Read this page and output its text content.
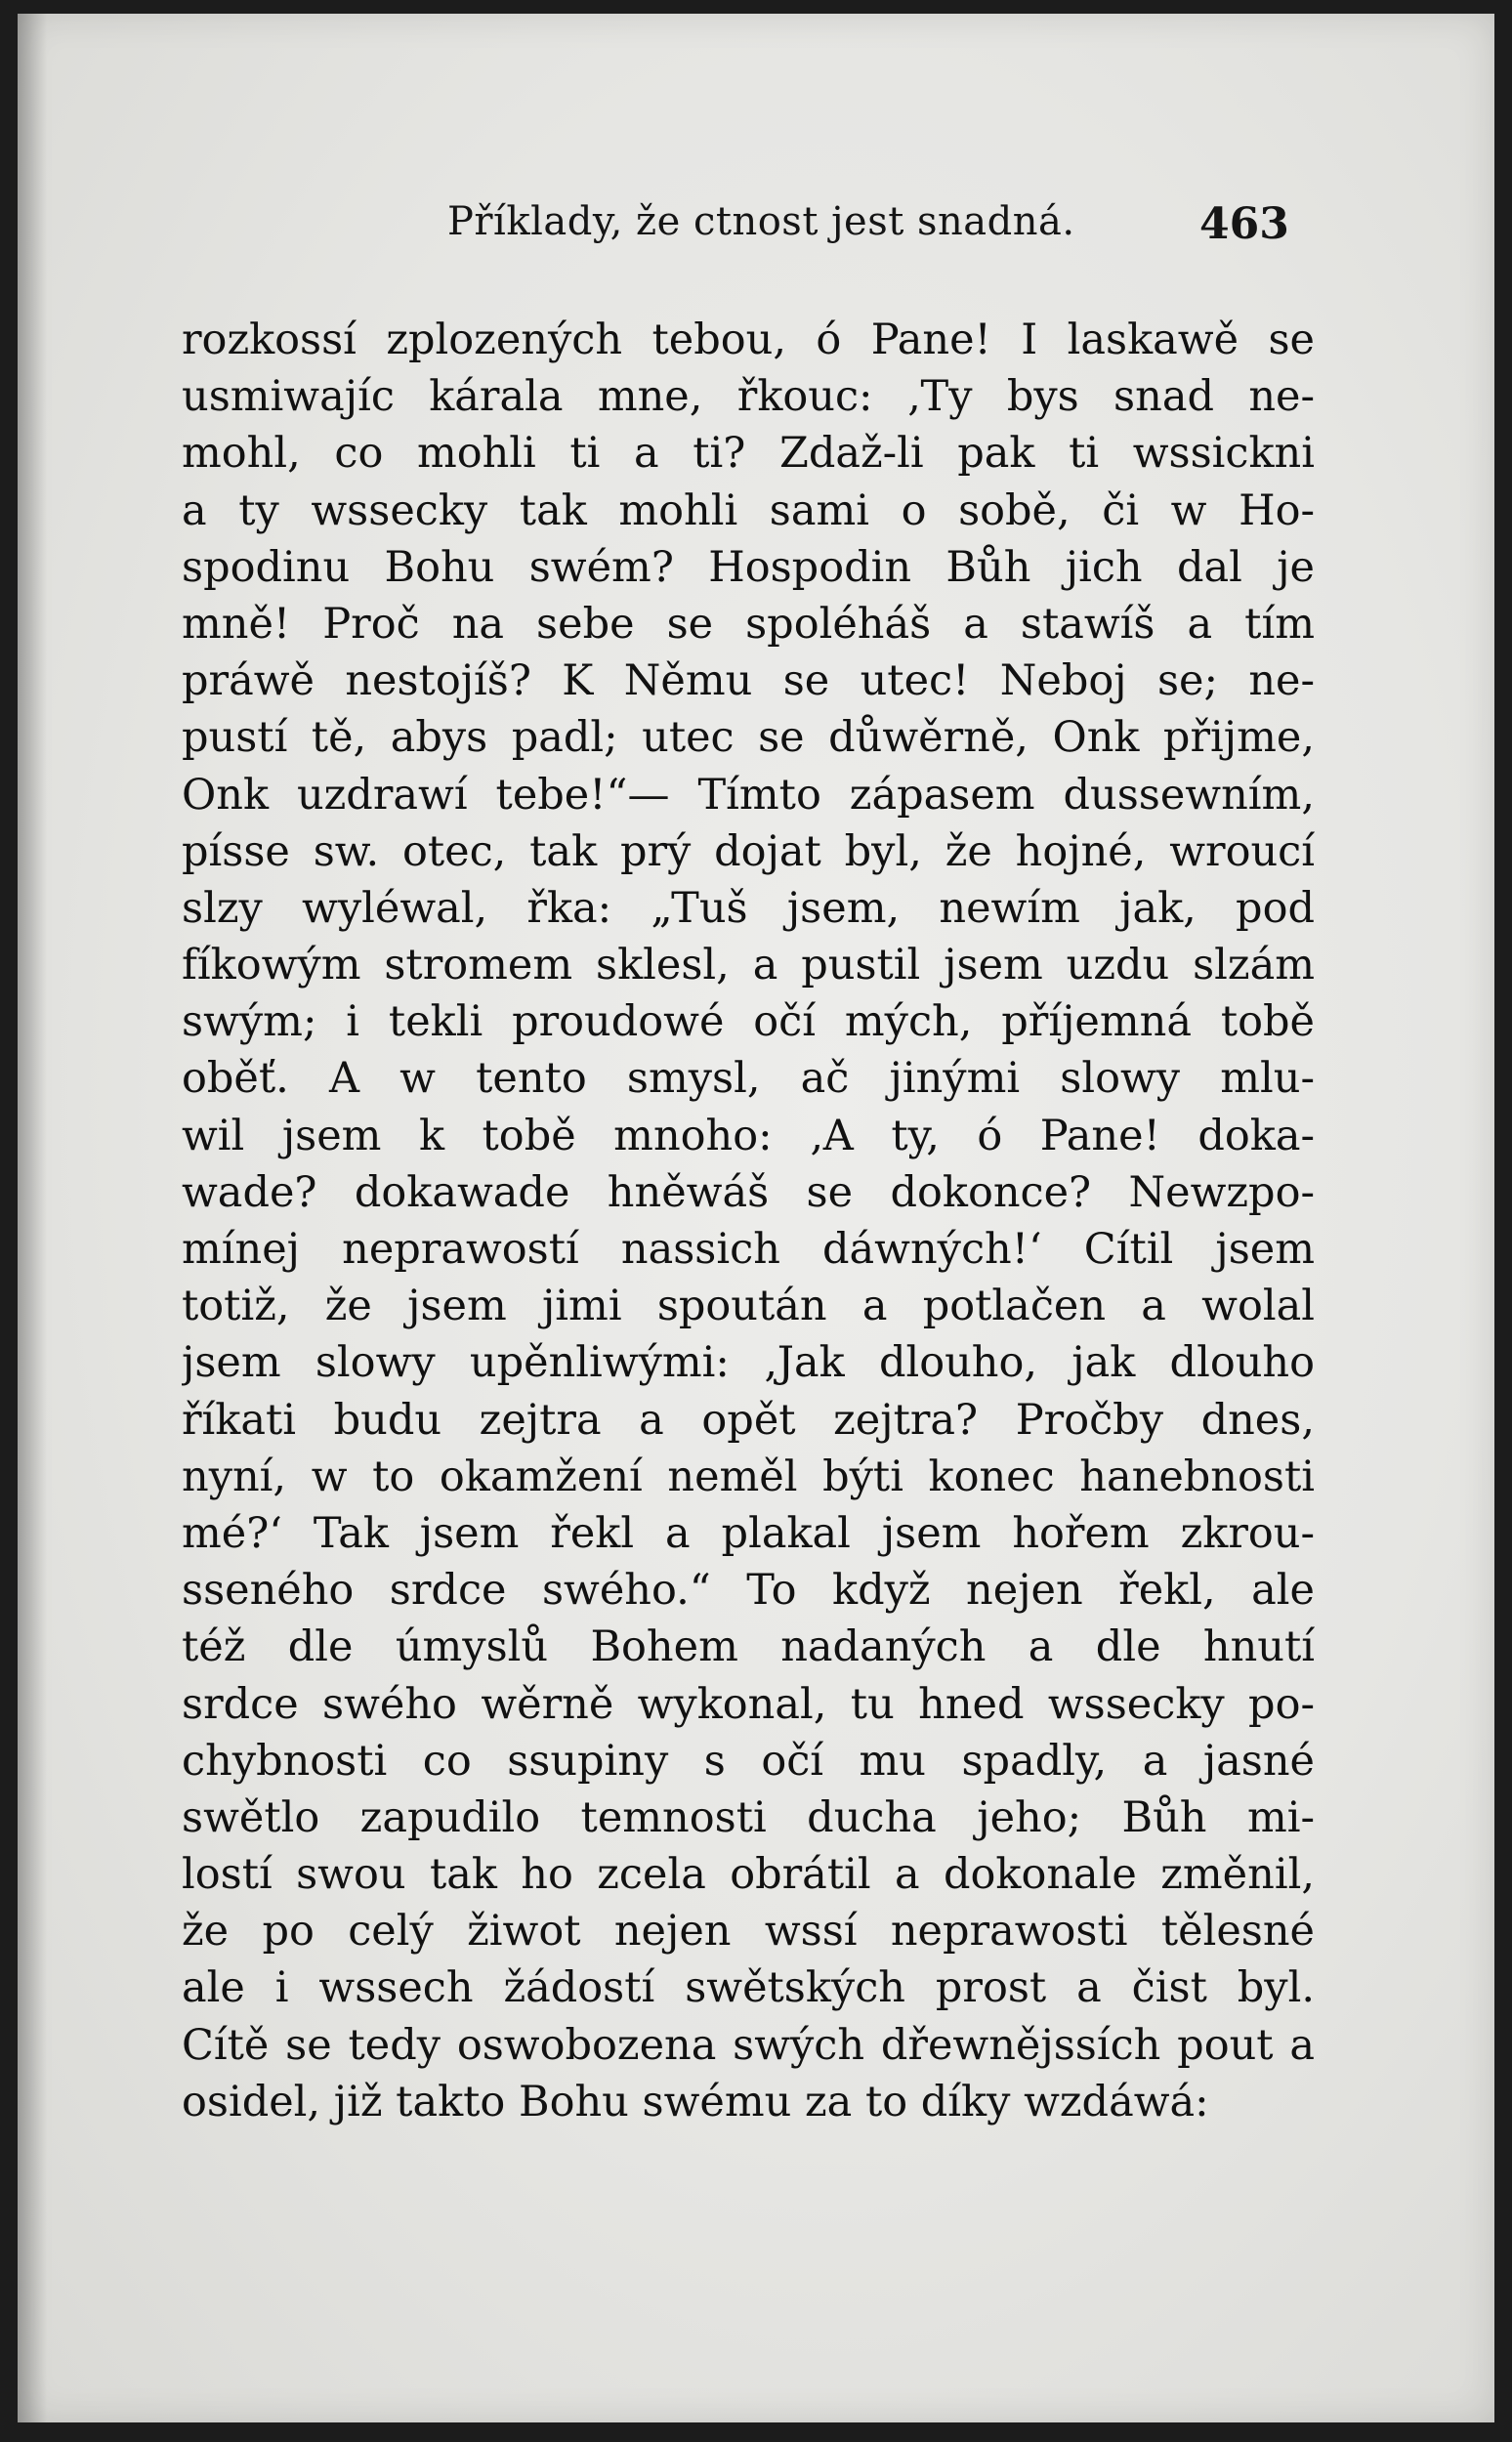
Příklady, že ctnost jest snadná.	463
rozkossí zplozených tebou, ó Pane! I laskawě se
usmiwajíc kárala mne, řkouc: ‚Ty bys snad ne-
mohl, co mohli ti a ti? Zdaž-li pak ti wssickni
a ty wssecky tak mohli sami o sobě, či w Ho-
spodinu Bohu swém? Hospodin Bůh jich dal je
mně! Proč na sebe se spoléháš a stawíš a tím
práwě nestojíš? K Němu se utec! Neboj se; ne-
pustí tě, abys padl; utec se důwěrně, Onk přijme,
Onk uzdrawí tebe!“— Tímto zápasem dussewním,
písse sw. otec, tak prý dojat byl, že hojné, wroucí
slzy wyléwal, řka: „Tuš jsem, newím jak, pod
fíkowým stromem sklesl, a pustil jsem uzdu slzám
swým; i tekli proudowé očí mých, příjemná tobě
oběť. A w tento smysl, ač jinými slowy mlu-
wil jsem k tobě mnoho: ‚A ty, ó Pane! doka-
wade? dokawade hněwáš se dokonce? Newzpo-
mínej neprawostí nassich dáwných!‘ Cítil jsem
totiž, že jsem jimi spoután a potlačen a wolal
jsem slowy upěnliwými: ‚Jak dlouho, jak dlouho
říkati budu zejtra a opět zejtra? Pročby dnes,
nyní, w to okamžení neměl býti konec hanebnosti
mé?‘ Tak jsem řekl a plakal jsem hořem zkrou-
sseného srdce swého.“ To když nejen řekl, ale
též dle úmyslů Bohem nadaných a dle hnutí
srdce swého wěrně wykonal, tu hned wssecky po-
chybnosti co ssupiny s očí mu spadly, a jasné
swětlo zapudilo temnosti ducha jeho; Bůh mi-
lostí swou tak ho zcela obrátil a dokonale změnil,
že po celý žiwot nejen wssí neprawosti tělesné
ale i wssech žádostí swětských prost a čist byl.
Cítě se tedy oswobozena swých dřewnějssích pout a
osidel, již takto Bohu swému za to díky wzdáwá:
